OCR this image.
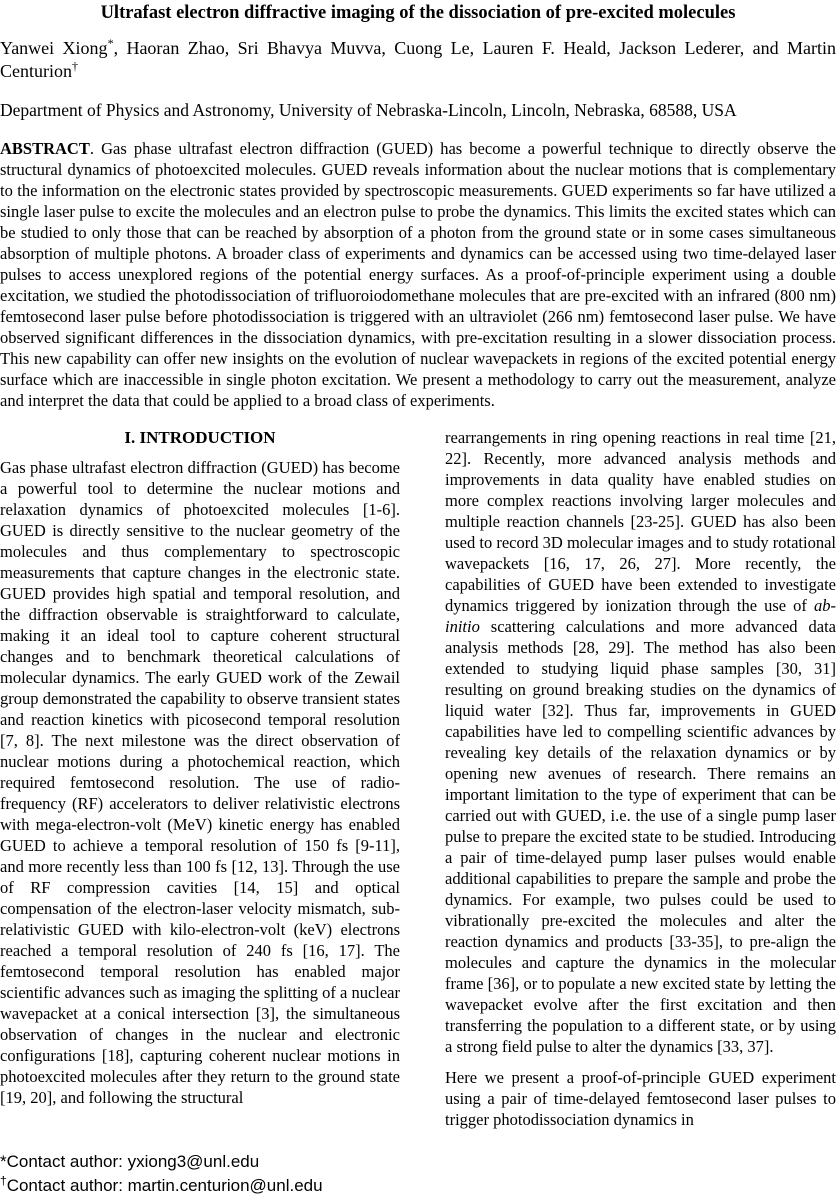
Ultrafast electron diffractive imaging of the dissociation of pre-excited molecules
Yanwei Xiong*, Haoran Zhao, Sri Bhavya Muvva, Cuong Le, Lauren F. Heald, Jackson Lederer, and Martin Centurion†
Department of Physics and Astronomy, University of Nebraska-Lincoln, Lincoln, Nebraska, 68588, USA
ABSTRACT. Gas phase ultrafast electron diffraction (GUED) has become a powerful technique to directly observe the structural dynamics of photoexcited molecules. GUED reveals information about the nuclear motions that is complementary to the information on the electronic states provided by spectroscopic measurements. GUED experiments so far have utilized a single laser pulse to excite the molecules and an electron pulse to probe the dynamics. This limits the excited states which can be studied to only those that can be reached by absorption of a photon from the ground state or in some cases simultaneous absorption of multiple photons. A broader class of experiments and dynamics can be accessed using two time-delayed laser pulses to access unexplored regions of the potential energy surfaces. As a proof-of-principle experiment using a double excitation, we studied the photodissociation of trifluoroiodomethane molecules that are pre-excited with an infrared (800 nm) femtosecond laser pulse before photodissociation is triggered with an ultraviolet (266 nm) femtosecond laser pulse. We have observed significant differences in the dissociation dynamics, with pre-excitation resulting in a slower dissociation process. This new capability can offer new insights on the evolution of nuclear wavepackets in regions of the excited potential energy surface which are inaccessible in single photon excitation. We present a methodology to carry out the measurement, analyze and interpret the data that could be applied to a broad class of experiments.
I. INTRODUCTION

Gas phase ultrafast electron diffraction (GUED) has become a powerful tool to determine the nuclear motions and relaxation dynamics of photoexcited molecules [1-6]. GUED is directly sensitive to the nuclear geometry of the molecules and thus complementary to spectroscopic measurements that capture changes in the electronic state. GUED provides high spatial and temporal resolution, and the diffraction observable is straightforward to calculate, making it an ideal tool to capture coherent structural changes and to benchmark theoretical calculations of molecular dynamics. The early GUED work of the Zewail group demonstrated the capability to observe transient states and reaction kinetics with picosecond temporal resolution [7, 8]. The next milestone was the direct observation of nuclear motions during a photochemical reaction, which required femtosecond resolution. The use of radio-frequency (RF) accelerators to deliver relativistic electrons with mega-electron-volt (MeV) kinetic energy has enabled GUED to achieve a temporal resolution of 150 fs [9-11], and more recently less than 100 fs [12, 13]. Through the use of RF compression cavities [14, 15] and optical compensation of the electron-laser velocity mismatch, sub-relativistic GUED with kilo-electron-volt (keV) electrons reached a temporal resolution of 240 fs [16, 17]. The femtosecond temporal resolution has enabled major scientific advances such as imaging the splitting of a nuclear wavepacket at a conical intersection [3], the simultaneous observation of changes in the nuclear and electronic configurations [18], capturing coherent nuclear motions in photoexcited molecules after they return to the ground state [19, 20], and following the structural

rearrangements in ring opening reactions in real time [21, 22]. Recently, more advanced analysis methods and improvements in data quality have enabled studies on more complex reactions involving larger molecules and multiple reaction channels [23-25]. GUED has also been used to record 3D molecular images and to study rotational wavepackets [16, 17, 26, 27]. More recently, the capabilities of GUED have been extended to investigate dynamics triggered by ionization through the use of ab-initio scattering calculations and more advanced data analysis methods [28, 29]. The method has also been extended to studying liquid phase samples [30, 31] resulting on ground breaking studies on the dynamics of liquid water [32]. Thus far, improvements in GUED capabilities have led to compelling scientific advances by revealing key details of the relaxation dynamics or by opening new avenues of research. There remains an important limitation to the type of experiment that can be carried out with GUED, i.e. the use of a single pump laser pulse to prepare the excited state to be studied. Introducing a pair of time-delayed pump laser pulses would enable additional capabilities to prepare the sample and probe the dynamics. For example, two pulses could be used to vibrationally pre-excited the molecules and alter the reaction dynamics and products [33-35], to pre-align the molecules and capture the dynamics in the molecular frame [36], or to populate a new excited state by letting the wavepacket evolve after the first excitation and then transferring the population to a different state, or by using a strong field pulse to alter the dynamics [33, 37].

Here we present a proof-of-principle GUED experiment using a pair of time-delayed femtosecond laser pulses to trigger photodissociation dynamics in

*Contact author: yxiong3@unl.edu
†Contact author: martin.centurion@unl.edu
